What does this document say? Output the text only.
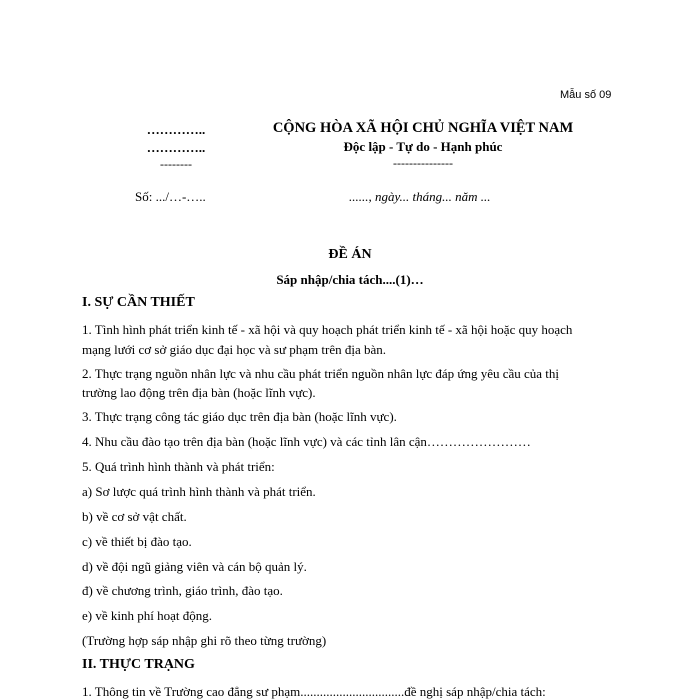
Mẫu số 09
…………..
…………..
--------
CỘNG HÒA XÃ HỘI CHỦ NGHĨA VIỆT NAM
Độc lập - Tự do - Hạnh phúc
---------------
Số: .../…-…..	......, ngày... tháng... năm ...
ĐỀ ÁN
Sáp nhập/chia tách....(1)…
I. SỰ CẦN THIẾT
1. Tình hình phát triển kinh tế - xã hội và quy hoạch phát triển kinh tế - xã hội hoặc quy hoạch
mạng lưới cơ sở giáo dục đại học và sư phạm trên địa bàn.
2. Thực trạng nguồn nhân lực và nhu cầu phát triển nguồn nhân lực đáp ứng yêu cầu của thị
trường lao động trên địa bàn (hoặc lĩnh vực).
3. Thực trạng công tác giáo dục trên địa bàn (hoặc lĩnh vực).
4. Nhu cầu đào tạo trên địa bàn (hoặc lĩnh vực) và các tỉnh lân cận……………………
5. Quá trình hình thành và phát triển:
a) Sơ lược quá trình hình thành và phát triển.
b) về cơ sở vật chất.
c) về thiết bị đào tạo.
d) về đội ngũ giảng viên và cán bộ quản lý.
đ) về chương trình, giáo trình, đào tạo.
e) về kinh phí hoạt động.
(Trường hợp sáp nhập ghi rõ theo từng trường)
II. THỰC TRẠNG
1. Thông tin về Trường cao đẳng sư phạm................................đề nghị sáp nhập/chia tách:
